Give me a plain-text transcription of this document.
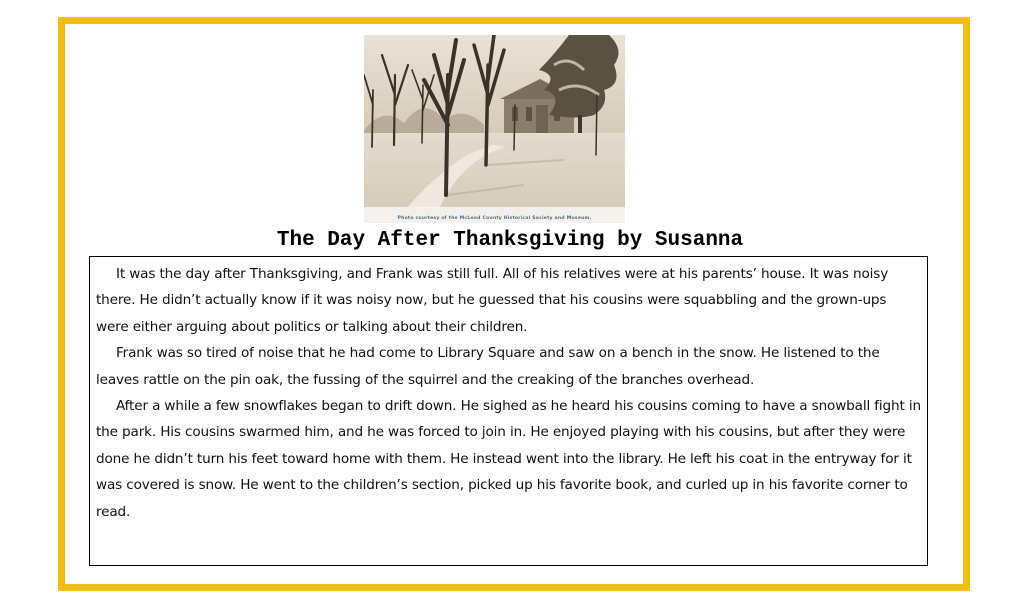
Photo courtesy of the McLeod County Historical Society and Museum.
The Day After Thanksgiving by Susanna

It was the day after Thanksgiving, and Frank was still full. All of his relatives were at his parents’ house. It was noisy there. He didn’t actually know if it was noisy now, but he guessed that his cousins were squabbling and the grown-ups were either arguing about politics or talking about their children.

Frank was so tired of noise that he had come to Library Square and saw on a bench in the snow. He listened to the leaves rattle on the pin oak, the fussing of the squirrel and the creaking of the branches overhead.

After a while a few snowflakes began to drift down. He sighed as he heard his cousins coming to have a snowball fight in the park. His cousins swarmed him, and he was forced to join in. He enjoyed playing with his cousins, but after they were done he didn’t turn his feet toward home with them. He instead went into the library. He left his coat in the entryway for it was covered is snow. He went to the children’s section, picked up his favorite book, and curled up in his favorite corner to read.
